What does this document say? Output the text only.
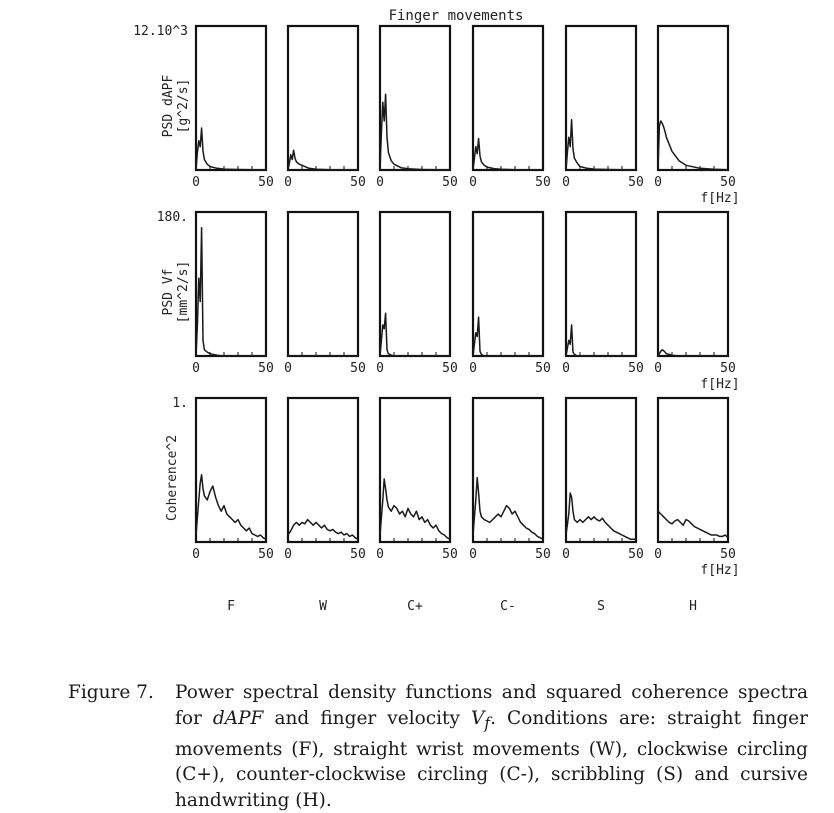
Finger movements
12.10^3
PSD dAPF [g^2/s]
0	50 0	50 0	50 0	50 0	50 0	50
f[Hz]
180.
PSD Vf [mm^2/s]
0	50 0	50 0	50 0	50 0	50 0	50
f[Hz]
1.
Coherence^2
0	50 0	50 0	50 0	50 0	50 0	50
f[Hz]
F	W	C+	C-	S	H
Figure 7. Power spectral density functions and squared coherence spectra for dAPF and finger velocity $V_f$. Conditions are: straight finger movements (F), straight wrist movements (W), clockwise circling (C+), counter-clockwise circling (C-), scribbling (S) and cursive handwriting (H).
